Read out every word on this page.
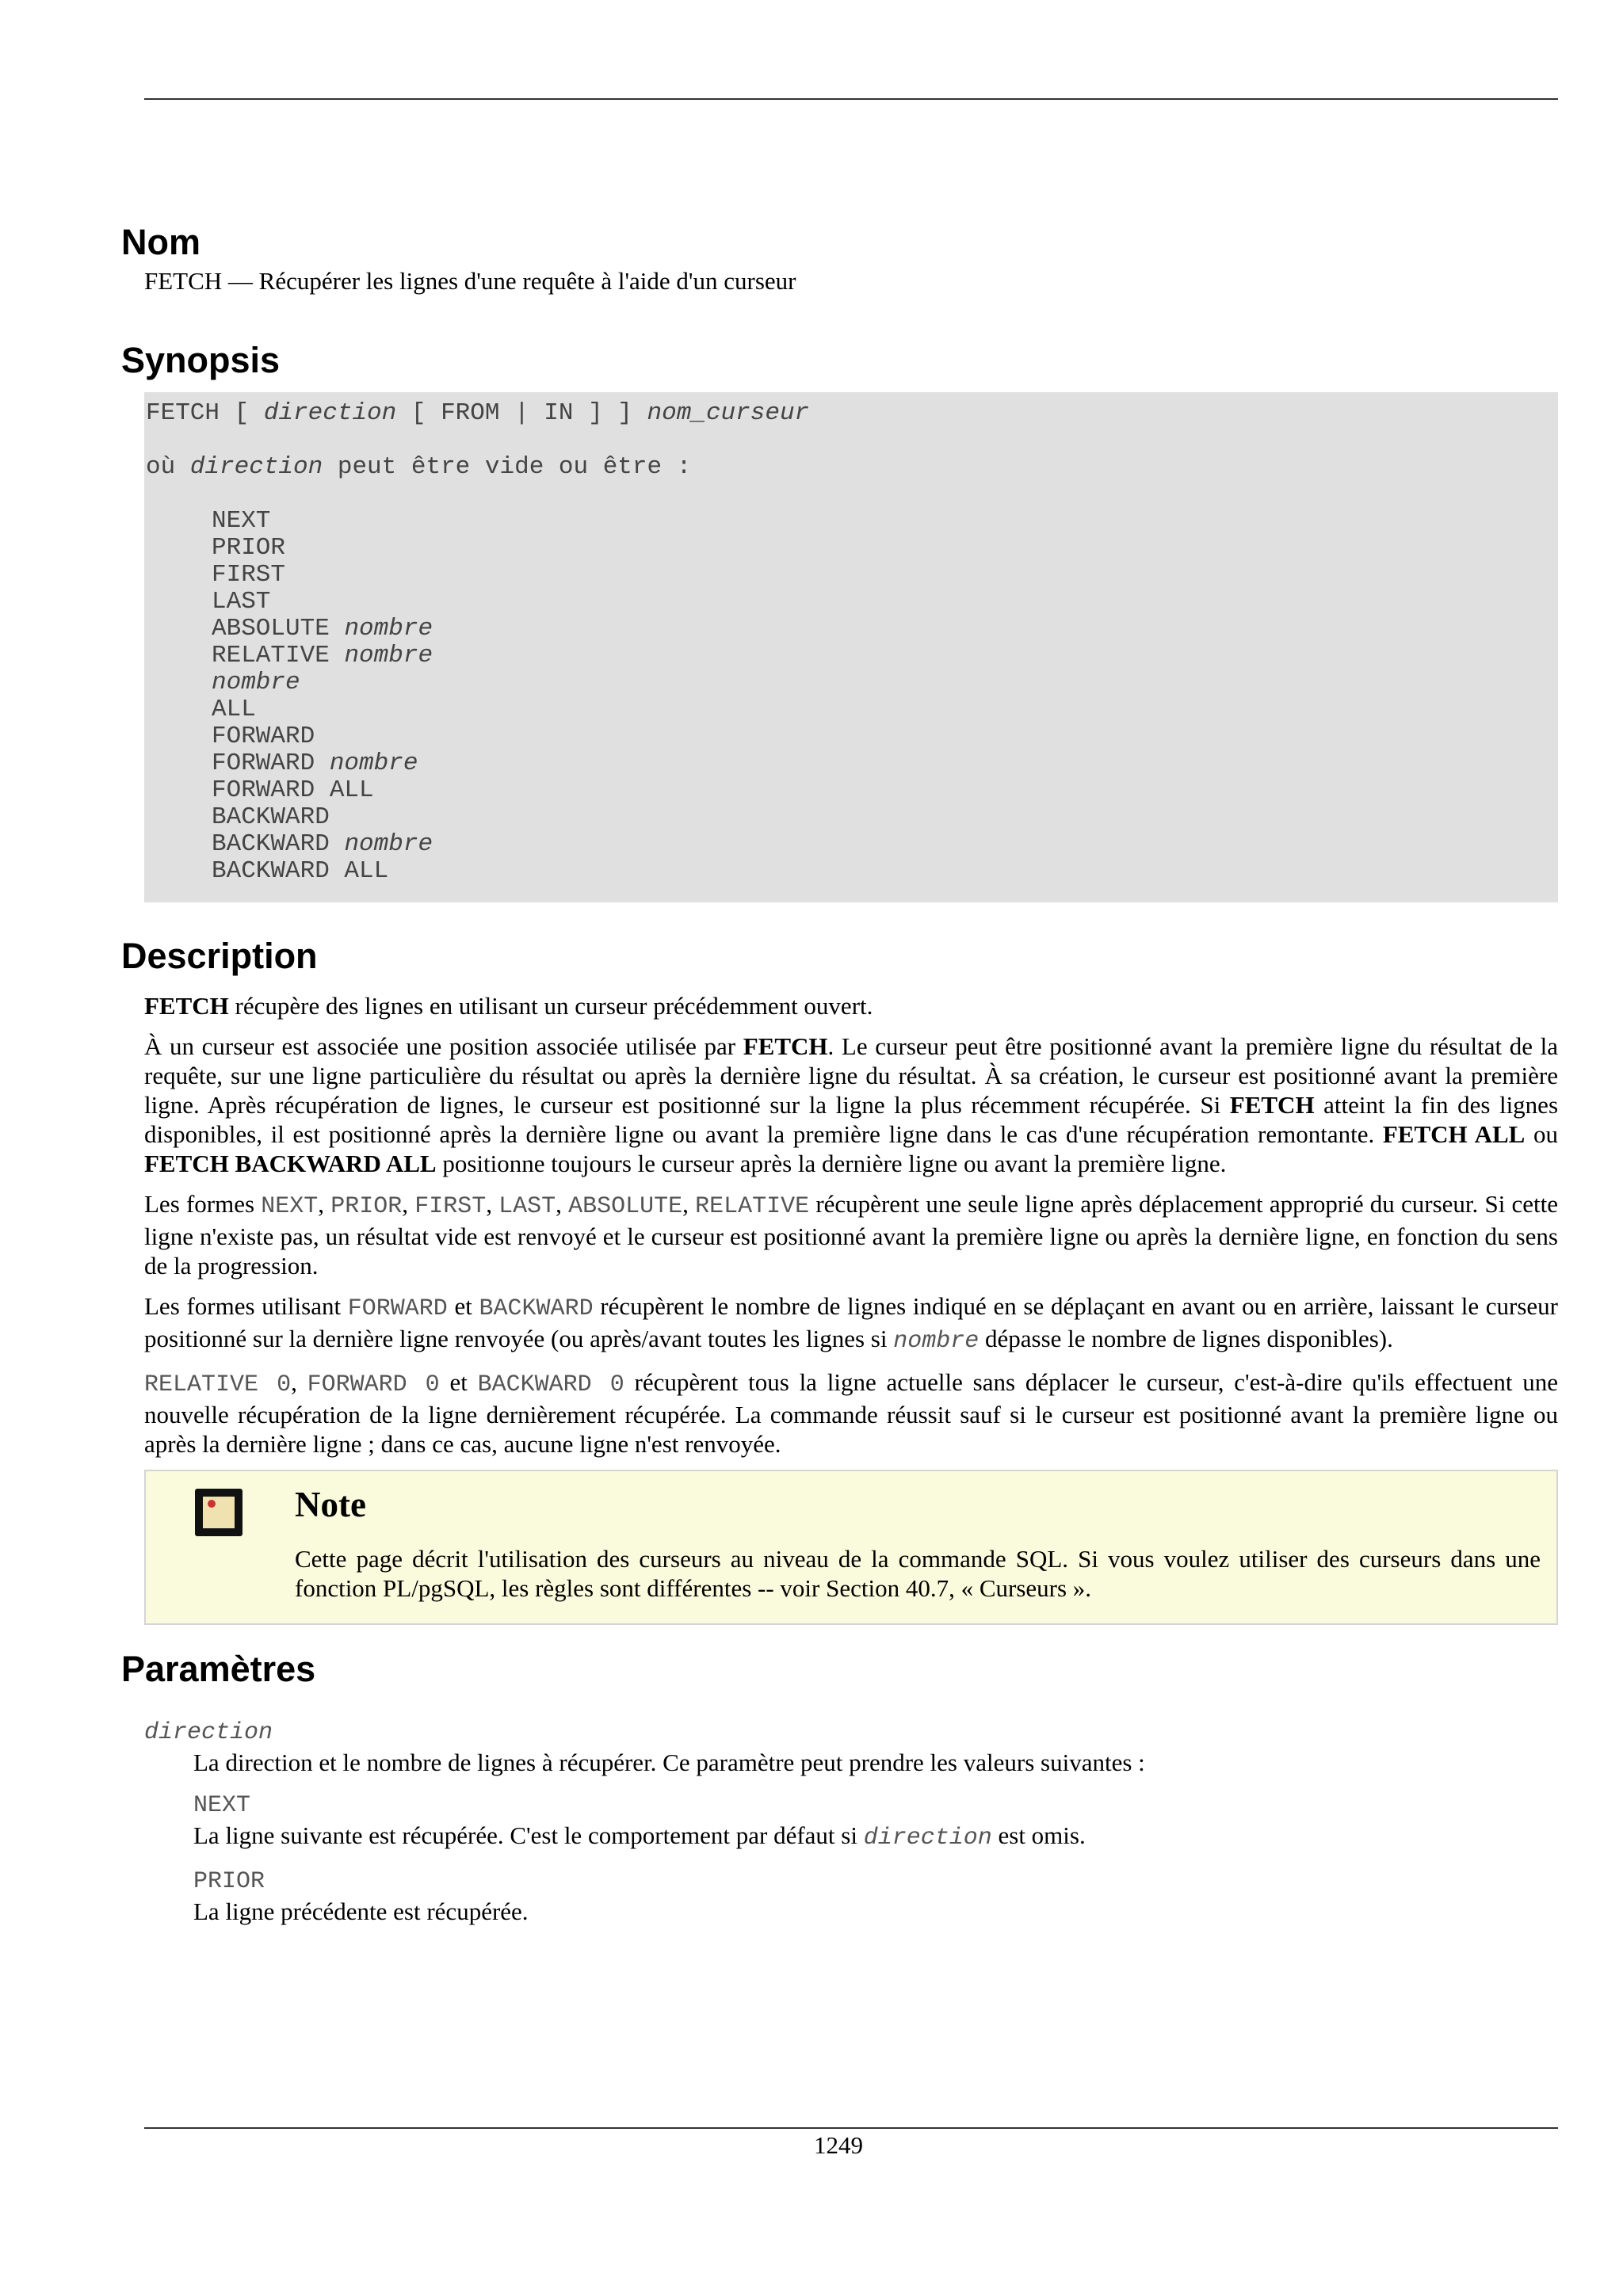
Nom
FETCH — Récupérer les lignes d'une requête à l'aide d'un curseur
Synopsis
FETCH [ direction [ FROM | IN ] ] nom_curseur
où direction peut être vide ou être :
NEXT
PRIOR
FIRST
LAST
ABSOLUTE nombre
RELATIVE nombre
nombre
ALL
FORWARD
FORWARD nombre
FORWARD ALL
BACKWARD
BACKWARD nombre
BACKWARD ALL
Description

FETCH récupère des lignes en utilisant un curseur précédemment ouvert.

À un curseur est associée une position associée utilisée par FETCH. Le curseur peut être positionné avant la première ligne du résultat de la requête, sur une ligne particulière du résultat ou après la dernière ligne du résultat. À sa création, le curseur est positionné avant la première ligne. Après récupération de lignes, le curseur est positionné sur la ligne la plus récemment récupérée. Si FETCH atteint la fin des lignes disponibles, il est positionné après la dernière ligne ou avant la première ligne dans le cas d'une récupération remontante. FETCH ALL ou FETCH BACKWARD ALL positionne toujours le curseur après la dernière ligne ou avant la première ligne.

Les formes NEXT, PRIOR, FIRST, LAST, ABSOLUTE, RELATIVE récupèrent une seule ligne après déplacement approprié du curseur. Si cette ligne n'existe pas, un résultat vide est renvoyé et le curseur est positionné avant la première ligne ou après la dernière ligne, en fonction du sens de la progression.

Les formes utilisant FORWARD et BACKWARD récupèrent le nombre de lignes indiqué en se déplaçant en avant ou en arrière, laissant le curseur positionné sur la dernière ligne renvoyée (ou après/avant toutes les lignes si nombre dépasse le nombre de lignes disponibles).

RELATIVE 0, FORWARD 0 et BACKWARD 0 récupèrent tous la ligne actuelle sans déplacer le curseur, c'est-à-dire qu'ils effectuent une nouvelle récupération de la ligne dernièrement récupérée. La commande réussit sauf si le curseur est positionné avant la première ligne ou après la dernière ligne ; dans ce cas, aucune ligne n'est renvoyée.

Note
Cette page décrit l'utilisation des curseurs au niveau de la commande SQL. Si vous voulez utiliser des curseurs dans une fonction PL/pgSQL, les règles sont différentes -- voir Section 40.7, « Curseurs ».
Paramètres
direction
La direction et le nombre de lignes à récupérer. Ce paramètre peut prendre les valeurs suivantes :
NEXT
La ligne suivante est récupérée. C'est le comportement par défaut si direction est omis.
PRIOR
La ligne précédente est récupérée.
1249
